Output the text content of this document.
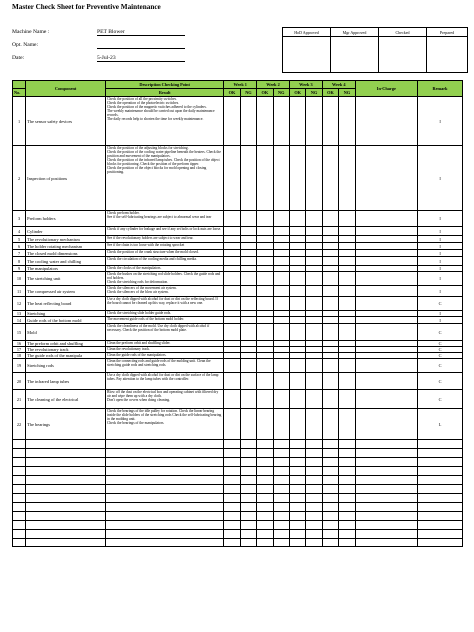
Master Check Sheet for Preventive Maintenance
Machine Name :	PET Blower
Opt. Name:
Date:	5-Jul-23
HoD Approved	Mgr Approved	Checked	Prepared

	Component	Description Checking Point	Week 1		Week 2		Week 3		Week 4		In-Charge	Remark
No.		Result	OK	NG	OK	NG	OK	NG	OK	NG		
1	The sensor safety devices	Check the position of all the proximity switches.
Check the operation of the photoelectric switches.
Check the position of the magnetic switches adhered to the cylinders.
The weekly maintenance should be carried out upon the daily maintenance records.
The daily records help to shorten the time for weekly maintenance.										I
2	Inspection of positions	Check the position of the adjusting blocks for stretching.
Check the position of the cooling water pipeline beneath the heaters. Check the position and movement of the manipulators.
Check the position of the infrared lamp tubes. Check the position of the object blocks for positioning. Check the position of the preform tipper.
Check the position of the object blocks for mold opening and closing positioning.										I
3	Preform holders	Check preform holder.
See if the self-lubricating bearings are subject to abnormal wear and tear										I
4	Cylinder	Check if any cylinder for leakage and see if any set bolts or lock nuts are loose.										I
5	The revolutionary mechanism	See if the revolutionary holders are subject to wear and tear.										I
6	The holder rotating mechanism	See if the chain is too loose with the rotating sprocket										I
7	The closed mold dimensions	Check the position of the crank structure when the mold closed.										I
8	The cooling water and chilling	Check the circulation of the cooling media and chilling media.										I
9	The manipulators	Check the clocks of the manipulators.										I
10	The stretching unit	Check the bushes on the stretching rod slide holders. Check the guide rods and rod holders.
Check the stretching rods for deformation.										I
11	The compressed air system	Check the silencers of the movement air system.
Check the silencers of the blow air system.										I
12	The heat reflecting board	Use a dry cloth dipped with alcohol for dust or dirt on the reflecting board. If the board cannot be cleaned up this way, replace it with a new one.										C
13	Stretching	Check the stretching slide holder guide rods.										I
14	Guide rods of the bottom mold	The movement guide rods of the bottom mold holder.										I
15	Mold	Check the cleanliness of the mold. Use dry cloth dipped with alcohol if necessary. Check the position of the bottom mold plate.										C
16	The preform orbit and shuffling	Clean the preform orbit and shuffling slider.										C
17	The revolutionary track	Clean the revolutionary track.										C
18	The guide rods of the manipula	Clean the guide rods of the manipulators.										C
19	Stretching rods	Clean the connecting rods and guide rods of the molding unit. Clean the stretching guide rods and stretching rods.										C
20	The infrared lamp tubes	Use a dry cloth dipped with alcohol for dust or dirt on the surface of the lamp tubes. Pay attention to the lamp tubes with the controller.										C
21	The cleaning of the electrical	Blow off the dust on the electrical box and operating cabinet with filtered dry air and wipe them up with a dry cloth.
Don't open the covers when doing cleaning.										C
22	The bearings	Check the bearings of the idle pulley for rotation. Check the linear bearing inside the slide holders of the stretching rods Check the self-lubricating bearing in the molding unit.
Check the bearings of the manipulators.										L
